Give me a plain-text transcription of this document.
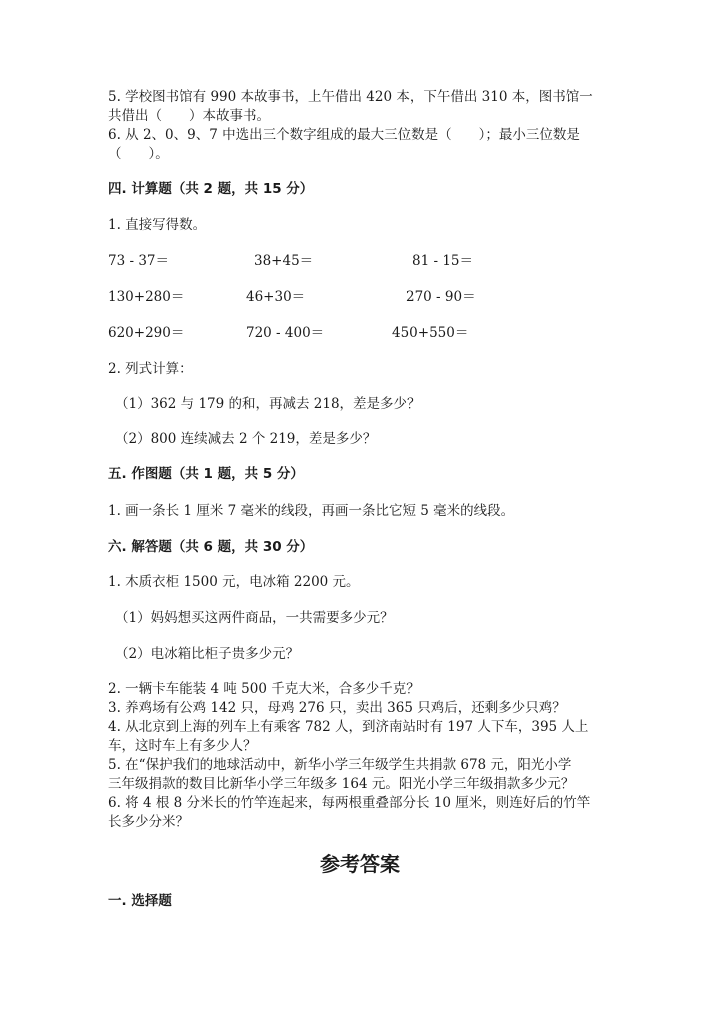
5. 学校图书馆有 990 本故事书，上午借出 420 本，下午借出 310 本，图书馆一
共借出（　　）本故事书。
6. 从 2、0、9、7 中选出三个数字组成的最大三位数是（　　）；最小三位数是
（　　）。
四. 计算题（共 2 题，共 15 分）
1. 直接写得数。
73 - 37＝	38+45＝	81 - 15＝
130+280＝	46+30＝	270 - 90＝
620+290＝	720 - 400＝	450+550＝
2. 列式计算：
（1）362 与 179 的和，再减去 218，差是多少？
（2）800 连续减去 2 个 219，差是多少？
五. 作图题（共 1 题，共 5 分）
1. 画一条长 1 厘米 7 毫米的线段，再画一条比它短 5 毫米的线段。
六. 解答题（共 6 题，共 30 分）
1. 木质衣柜 1500 元，电冰箱 2200 元。
（1）妈妈想买这两件商品，一共需要多少元？
（2）电冰箱比柜子贵多少元？
2. 一辆卡车能装 4 吨 500 千克大米，合多少千克？
3. 养鸡场有公鸡 142 只，母鸡 276 只，卖出 365 只鸡后，还剩多少只鸡？
4. 从北京到上海的列车上有乘客 782 人，到济南站时有 197 人下车，395 人上
车，这时车上有多少人？
5. 在“保护我们的地球活动中，新华小学三年级学生共捐款 678 元，阳光小学
三年级捐款的数目比新华小学三年级多 164 元。阳光小学三年级捐款多少元？
6. 将 4 根 8 分米长的竹竿连起来，每两根重叠部分长 10 厘米，则连好后的竹竿
长多少分米？
参考答案
一. 选择题
